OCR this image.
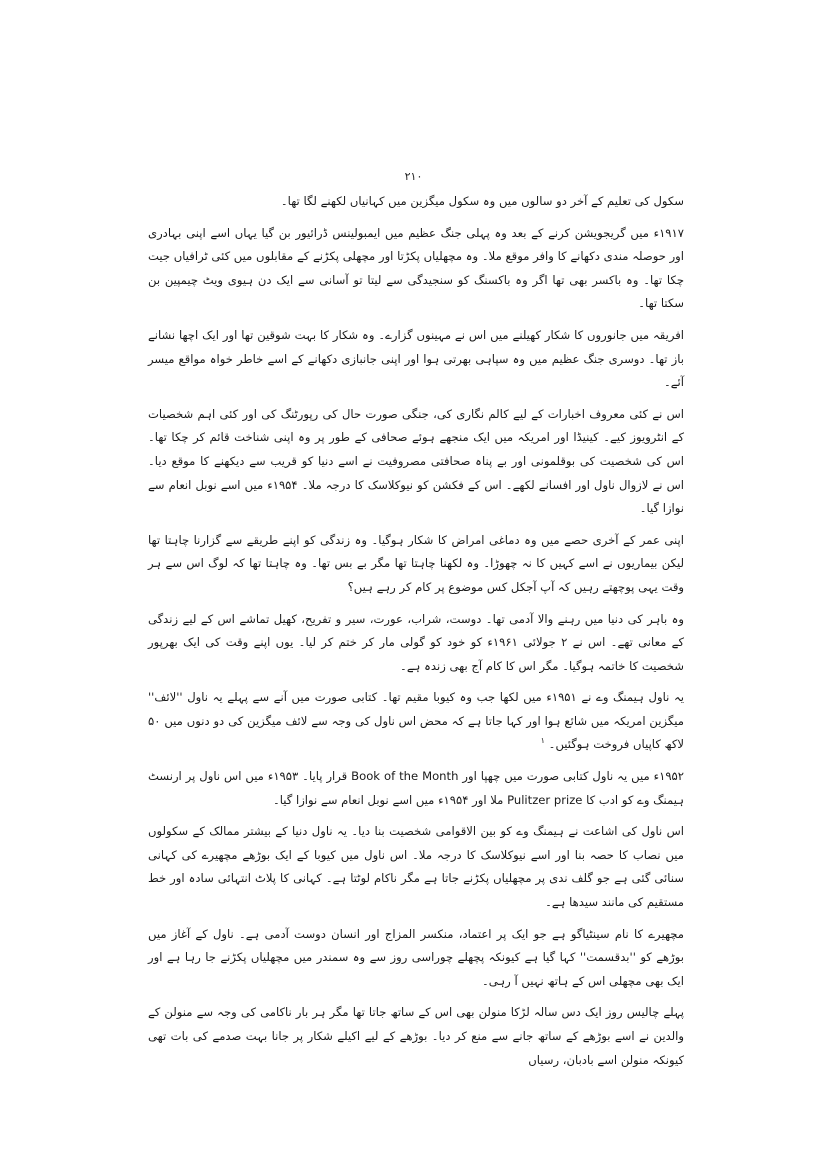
۲۱۰

سکول کی تعلیم کے آخر دو سالوں میں وہ سکول میگزین میں کہانیاں لکھنے لگا تھا۔

۱۹۱۷ء میں گریجویشن کرنے کے بعد وہ پہلی جنگ عظیم میں ایمبولینس ڈرائیور بن گیا یہاں اسے اپنی بہادری اور حوصلہ مندی دکھانے کا وافر موقع ملا۔ وہ مچھلیاں پکڑتا اور مچھلی پکڑنے کے مقابلوں میں کئی ٹرافیاں جیت چکا تھا۔ وہ باکسر بھی تھا اگر وہ باکسنگ کو سنجیدگی سے لیتا تو آسانی سے ایک دن ہیوی ویٹ چیمپین بن سکتا تھا۔

افریقہ میں جانوروں کا شکار کھیلنے میں اس نے مہینوں گزارے۔ وہ شکار کا بہت شوقین تھا اور ایک اچھا نشانے باز تھا۔ دوسری جنگ عظیم میں وہ سپاہی بھرتی ہوا اور اپنی جانبازی دکھانے کے اسے خاطر خواہ مواقع میسر آئے۔

اس نے کئی معروف اخبارات کے لیے کالم نگاری کی، جنگی صورت حال کی رپورٹنگ کی اور کئی اہم شخصیات کے انٹرویوز کیے۔ کینیڈا اور امریکہ میں ایک منجھے ہوئے صحافی کے طور پر وہ اپنی شناخت قائم کر چکا تھا۔ اس کی شخصیت کی بوقلمونی اور بے پناہ صحافتی مصروفیت نے اسے دنیا کو قریب سے دیکھنے کا موقع دیا۔ اس نے لازوال ناول اور افسانے لکھے۔ اس کے فکشن کو نیوکلاسک کا درجہ ملا۔ ۱۹۵۴ء میں اسے نوبل انعام سے نوازا گیا۔

اپنی عمر کے آخری حصے میں وہ دماغی امراض کا شکار ہوگیا۔ وہ زندگی کو اپنے طریقے سے گزارنا چاہتا تھا لیکن بیماریوں نے اسے کہیں کا نہ چھوڑا۔ وہ لکھنا چاہتا تھا مگر بے بس تھا۔ وہ چاہتا تھا کہ لوگ اس سے ہر وقت یہی پوچھتے رہیں کہ آپ آجکل کس موضوع پر کام کر رہے ہیں؟

وہ باہر کی دنیا میں رہنے والا آدمی تھا۔ دوست، شراب، عورت، سیر و تفریح، کھیل تماشے اس کے لیے زندگی کے معانی تھے۔ اس نے ۲ جولائی ۱۹۶۱ء کو خود کو گولی مار کر ختم کر لیا۔ یوں اپنے وقت کی ایک بھرپور شخصیت کا خاتمہ ہوگیا۔ مگر اس کا کام آج بھی زندہ ہے۔

یہ ناول ہیمنگ وے نے ۱۹۵۱ء میں لکھا جب وہ کیوبا مقیم تھا۔ کتابی صورت میں آنے سے پہلے یہ ناول ''لائف'' میگزین امریکہ میں شائع ہوا اور کہا جاتا ہے کہ محض اس ناول کی وجہ سے لائف میگزین کی دو دنوں میں ۵۰ لاکھ کاپیاں فروخت ہوگئیں۔ $^۱$

۱۹۵۲ء میں یہ ناول کتابی صورت میں چھپا اور Book of the Month قرار پایا۔ ۱۹۵۳ء میں اس ناول پر ارنسٹ ہیمنگ وے کو ادب کا Pulitzer prize ملا اور ۱۹۵۴ء میں اسے نوبل انعام سے نوازا گیا۔

اس ناول کی اشاعت نے ہیمنگ وے کو بین الاقوامی شخصیت بنا دیا۔ یہ ناول دنیا کے بیشتر ممالک کے سکولوں میں نصاب کا حصہ بنا اور اسے نیوکلاسک کا درجہ ملا۔ اس ناول میں کیوبا کے ایک بوڑھے مچھیرے کی کہانی سنائی گئی ہے جو گلف ندی پر مچھلیاں پکڑنے جاتا ہے مگر ناکام لوٹتا ہے۔ کہانی کا پلاٹ انتہائی سادہ اور خط مستقیم کی مانند سیدھا ہے۔

مچھیرے کا نام سینٹیاگو ہے جو ایک پر اعتماد، منکسر المزاج اور انسان دوست آدمی ہے۔ ناول کے آغاز میں بوڑھے کو ''بدقسمت'' کہا گیا ہے کیونکہ پچھلے چوراسی روز سے وہ سمندر میں مچھلیاں پکڑنے جا رہا ہے اور ایک بھی مچھلی اس کے ہاتھ نہیں آ رہی۔

پہلے چالیس روز ایک دس سالہ لڑکا منولن بھی اس کے ساتھ جاتا تھا مگر ہر بار ناکامی کی وجہ سے منولن کے والدین نے اسے بوڑھے کے ساتھ جانے سے منع کر دیا۔ بوڑھے کے لیے اکیلے شکار پر جانا بہت صدمے کی بات تھی کیونکہ منولن اسے بادبان، رسیاں
